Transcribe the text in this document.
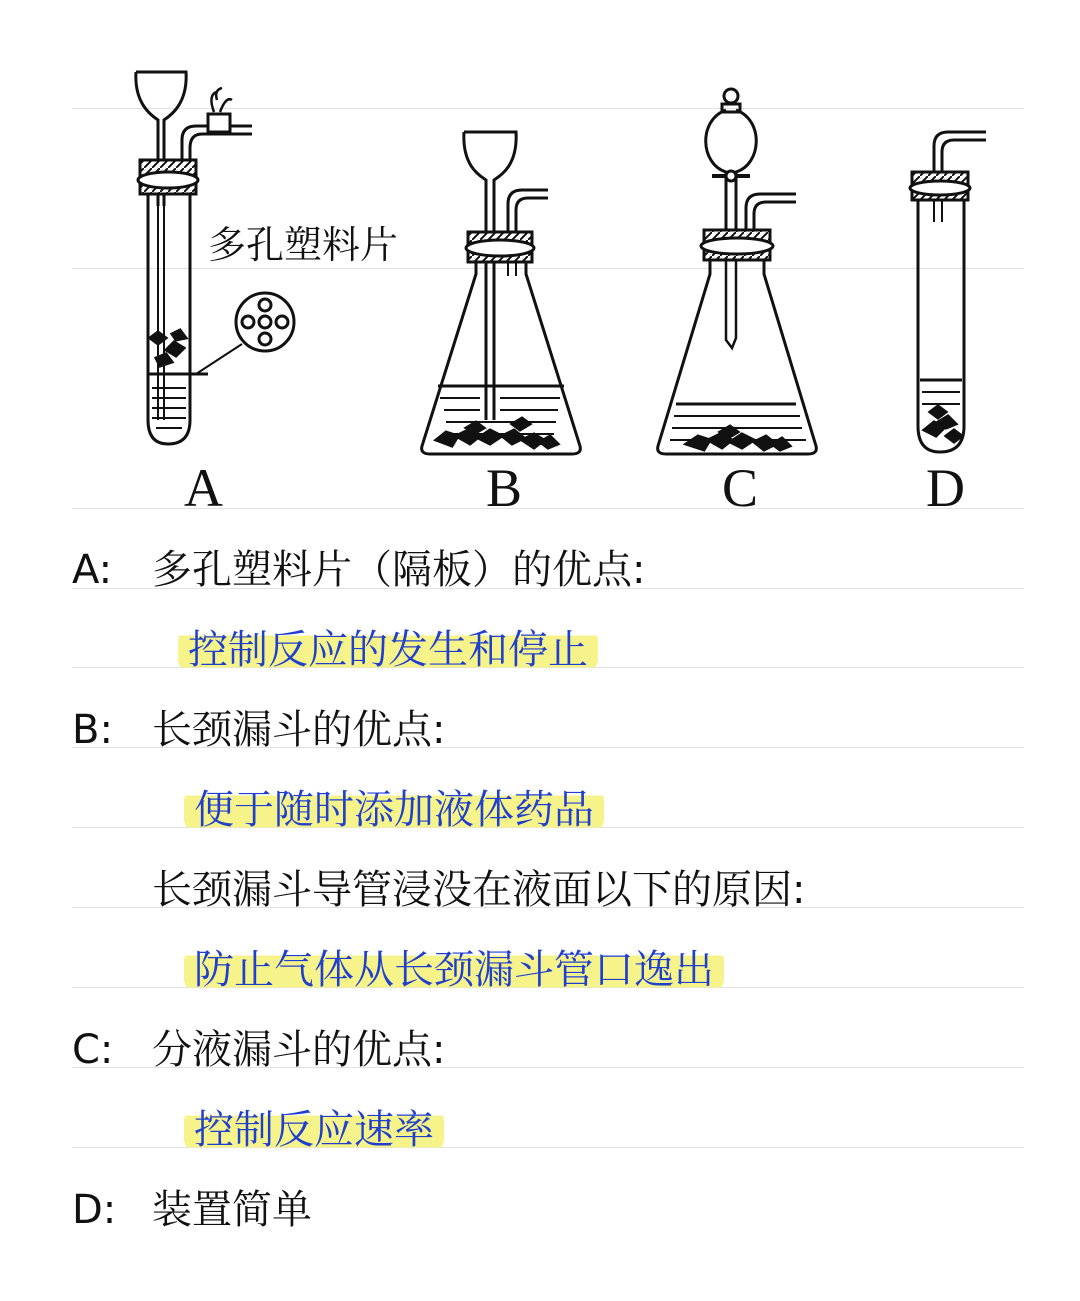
多孔塑料片
A	B	C	D
A: 多孔塑料片（隔板）的优点:
控制反应的发生和停止
B: 长颈漏斗的优点:
便于随时添加液体药品
长颈漏斗导管浸没在液面以下的原因:
防止气体从长颈漏斗管口逸出
C: 分液漏斗的优点:
控制反应速率
D: 装置简单
